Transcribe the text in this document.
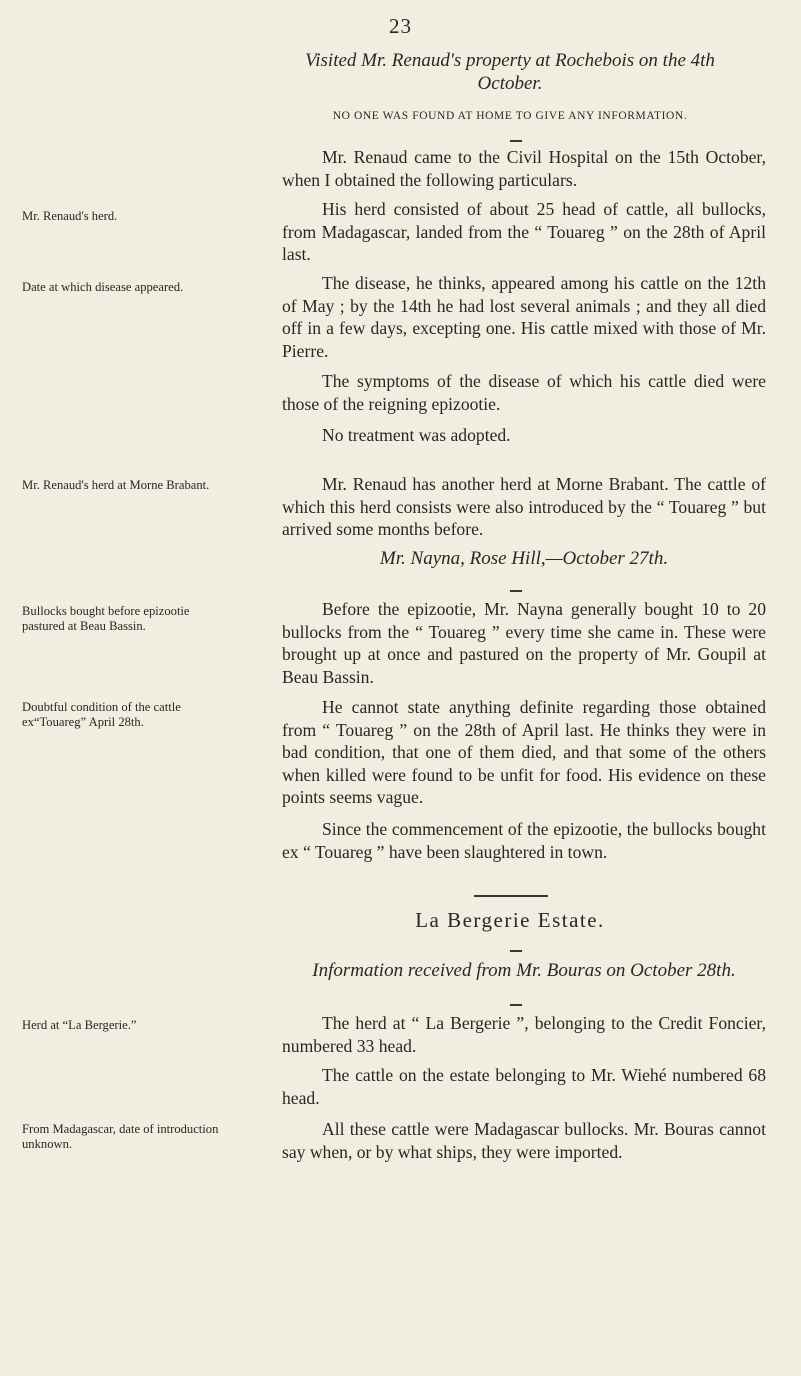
23
Visited Mr. Renaud's property at Rochebois on the 4th
October.
NO ONE WAS FOUND AT HOME TO GIVE ANY INFORMATION.

Mr. Renaud came to the Civil Hospital on the 15th October, when I obtained the following particulars.

His herd consisted of about 25 head of cattle, all bullocks, from Madagascar, landed from the “ Touareg ” on the 28th of April last.

The disease, he thinks, appeared among his cattle on the 12th of May ; by the 14th he had lost several animals ; and they all died off in a few days, excepting one. His cattle mixed with those of Mr. Pierre.

The symptoms of the disease of which his cattle died were those of the reigning epizootie.

No treatment was adopted.

Mr. Renaud has another herd at Morne Brabant. The cattle of which this herd consists were also introduced by the “ Touareg ” but arrived some months before.

Mr. Renaud's herd.
Date at which disease appeared.
Mr. Renaud's herd at Morne Brabant.
Mr. Nayna, Rose Hill,—October 27th.

Before the epizootie, Mr. Nayna generally bought 10 to 20 bullocks from the “ Touareg ” every time she came in. These were brought up at once and pastured on the property of Mr. Goupil at Beau Bassin.

He cannot state anything definite regarding those obtained from “ Touareg ” on the 28th of April last. He thinks they were in bad condition, that one of them died, and that some of the others when killed were found to be unfit for food. His evidence on these points seems vague.

Since the commencement of the epizootie, the bullocks bought ex “ Touareg ” have been slaughtered in town.

Bullocks bought before epizootie pastured at Beau Bassin.
Doubtful condition of the cattle ex“Touareg” April 28th.
La Bergerie Estate.
Information received from Mr. Bouras on October 28th.

The herd at “ La Bergerie ”, belonging to the Credit Foncier, numbered 33 head.

The cattle on the estate belonging to Mr. Wiehé numbered 68 head.

All these cattle were Madagascar bullocks. Mr. Bouras cannot say when, or by what ships, they were imported.

Herd at “La Bergerie.”
From Madagascar, date of introduction unknown.
